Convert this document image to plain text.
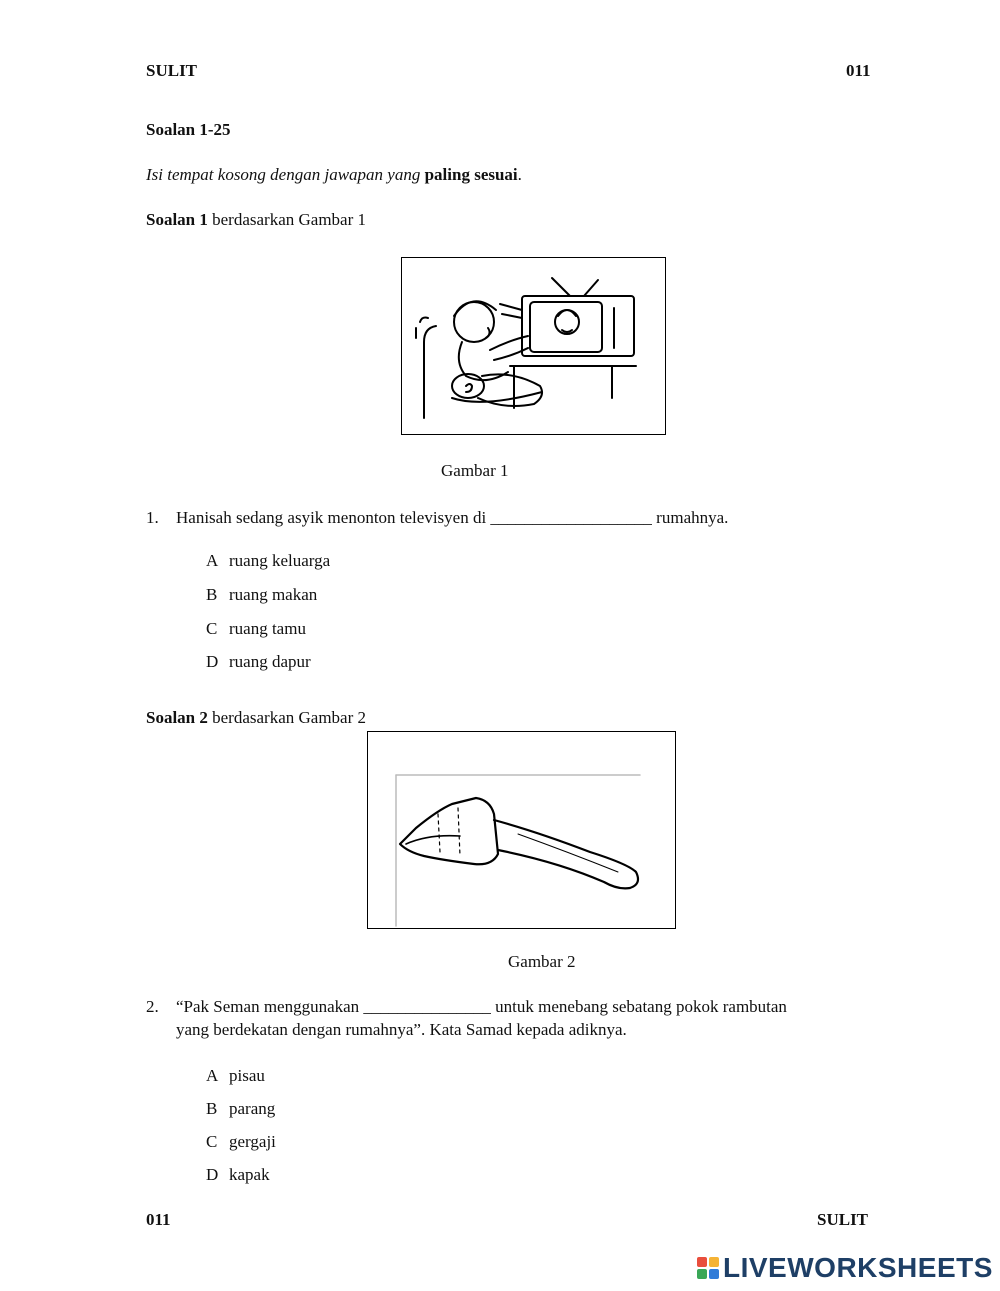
SULIT	011
Soalan 1-25
Isi tempat kosong dengan jawapan yang paling sesuai.
Soalan 1 berdasarkan Gambar 1
Gambar 1
1. Hanisah sedang asyik menonton televisyen di ___________________ rumahnya.
A ruang keluarga
B ruang makan
C ruang tamu
D ruang dapur
Soalan 2 berdasarkan Gambar 2
Gambar 2
2. “Pak Seman menggunakan _______________ untuk menebang sebatang pokok rambutan
yang berdekatan dengan rumahnya”. Kata Samad kepada adiknya.
A pisau
B parang
C gergaji
D kapak
011	SULIT
LIVEWORKSHEETS
